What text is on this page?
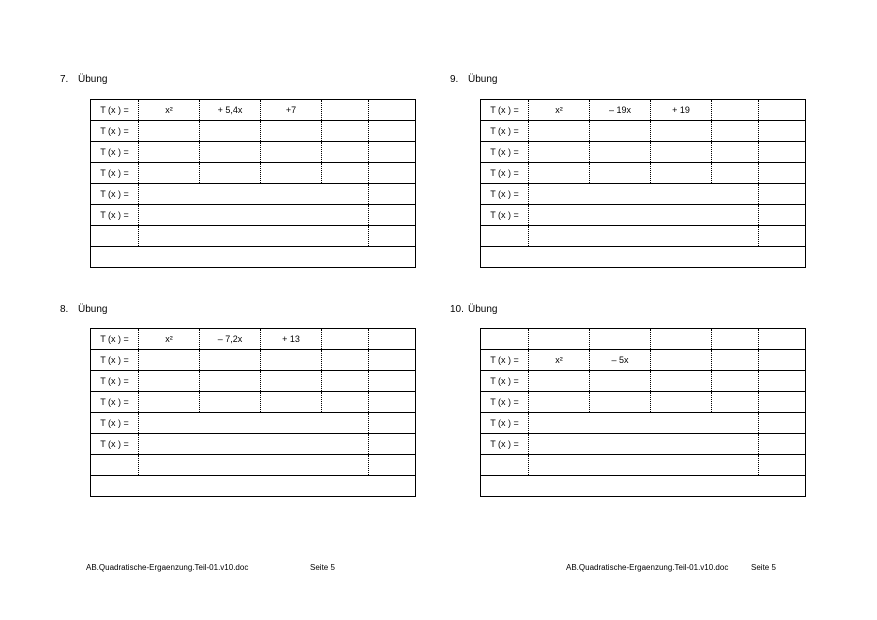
7. Übung
T (x ) =	x²	+ 5,4x	+7			
T (x ) =						
T (x ) =						
T (x ) =						
T (x ) =						
T (x ) =						

9. Übung
T (x ) =	x²	– 19x	+ 19			
T (x ) =						
T (x ) =						
T (x ) =						
T (x ) =						
T (x ) =						

8. Übung
T (x ) =	x²	– 7,2x	+ 13			
T (x ) =						
T (x ) =						
T (x ) =						
T (x ) =						
T (x ) =						

10. Übung

T (x ) =	x²	– 5x				
T (x ) =						
T (x ) =						
T (x ) =						
T (x ) =						

AB.Quadratische-Ergaenzung.Teil-01.v10.doc	Seite 5	AB.Quadratische-Ergaenzung.Teil-01.v10.doc	Seite 5
